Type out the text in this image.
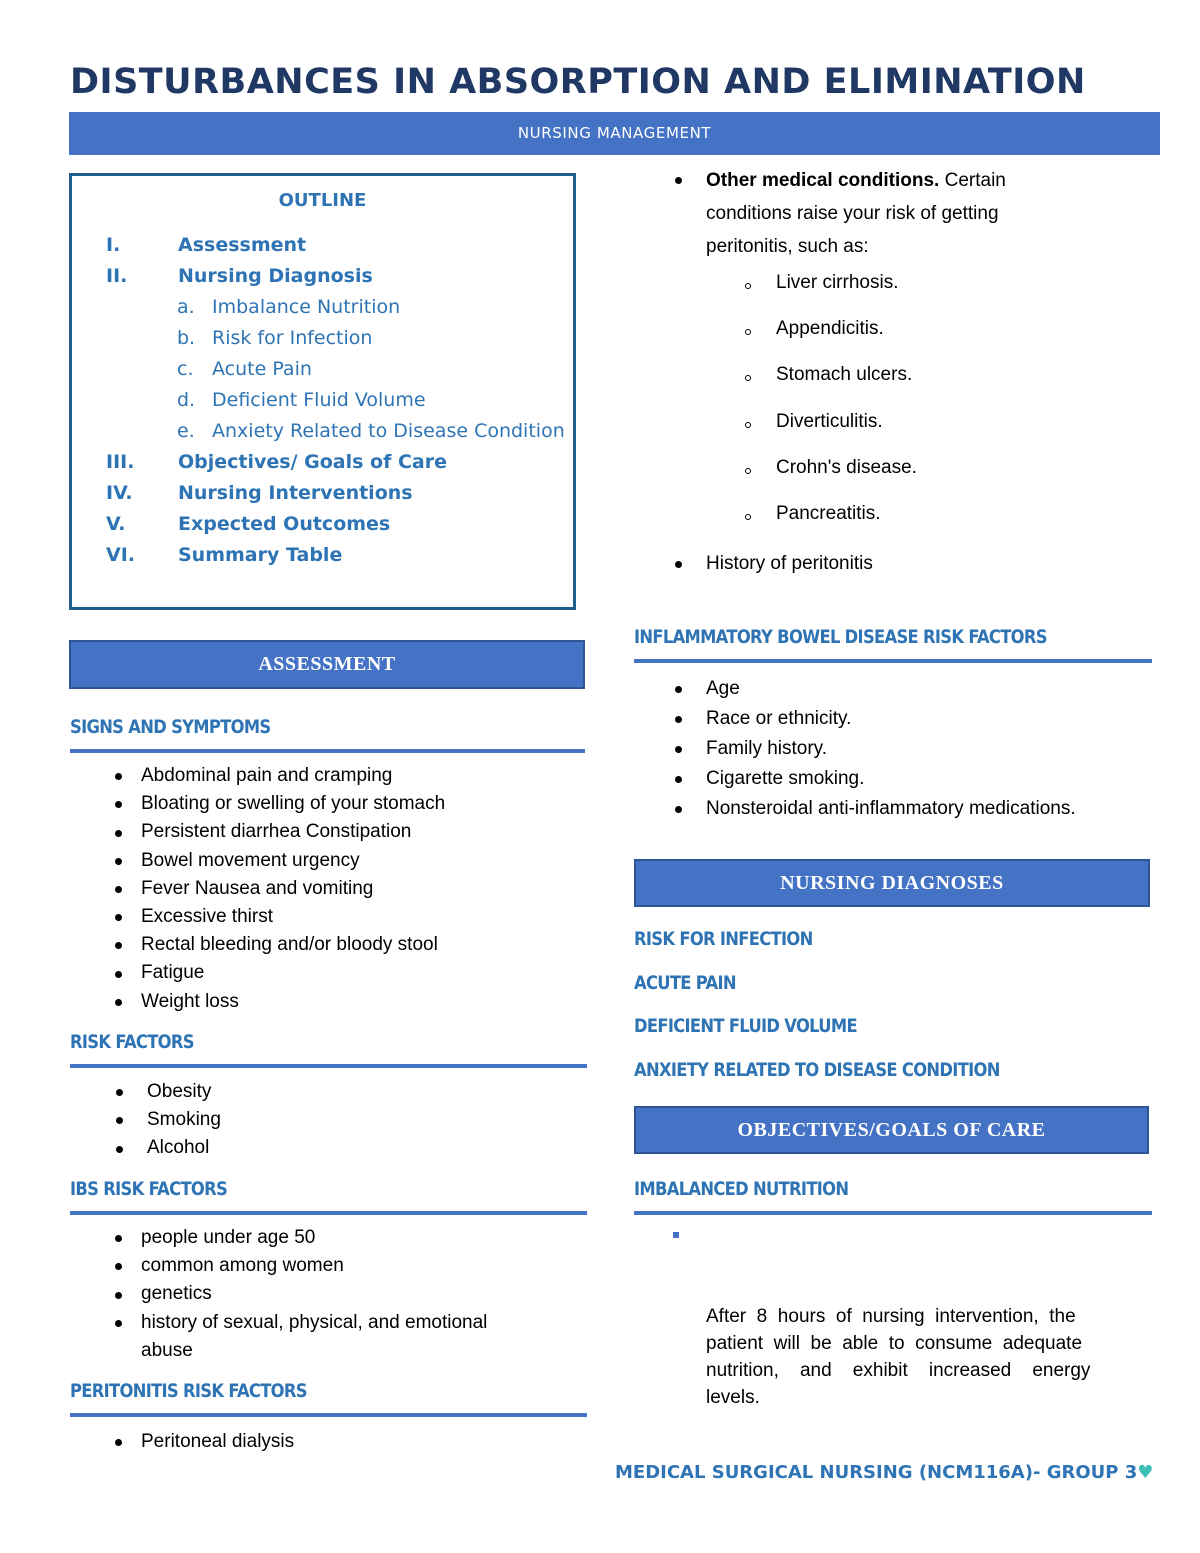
DISTURBANCES IN ABSORPTION AND ELIMINATION
NURSING MANAGEMENT
OUTLINE
I.	Assessment
II.	Nursing Diagnosis
a. Imbalance Nutrition
b. Risk for Infection
c. Acute Pain
d. Deficient Fluid Volume
e. Anxiety Related to Disease Condition
III. Objectives/ Goals of Care
IV. Nursing Interventions
V.	Expected Outcomes
VI. Summary Table
ASSESSMENT
SIGNS AND SYMPTOMS
Abdominal pain and cramping
Bloating or swelling of your stomach
Persistent diarrhea Constipation
Bowel movement urgency
Fever Nausea and vomiting
Excessive thirst
Rectal bleeding and/or bloody stool
Fatigue
Weight loss
RISK FACTORS
Obesity
Smoking
Alcohol
IBS RISK FACTORS
people under age 50
common among women
genetics
history of sexual, physical, and emotional
abuse
PERITONITIS RISK FACTORS
Peritoneal dialysis
Other medical conditions. Certain
conditions raise your risk of getting
peritonitis, such as:
Liver cirrhosis.
Appendicitis.
Stomach ulcers.
Diverticulitis.
Crohn's disease.
Pancreatitis.
History of peritonitis
INFLAMMATORY BOWEL DISEASE RISK FACTORS
Age
Race or ethnicity.
Family history.
Cigarette smoking.
Nonsteroidal anti-inflammatory medications.
NURSING DIAGNOSES
RISK FOR INFECTION
ACUTE PAIN
DEFICIENT FLUID VOLUME
ANXIETY RELATED TO DISEASE CONDITION
OBJECTIVES/GOALS OF CARE
IMBALANCED NUTRITION

After  8  hours  of  nursing  intervention,  the
patient  will  be  able  to  consume  adequate
nutrition,    and    exhibit    increased    energy
levels.

MEDICAL SURGICAL NURSING (NCM116A)- GROUP 3♥
